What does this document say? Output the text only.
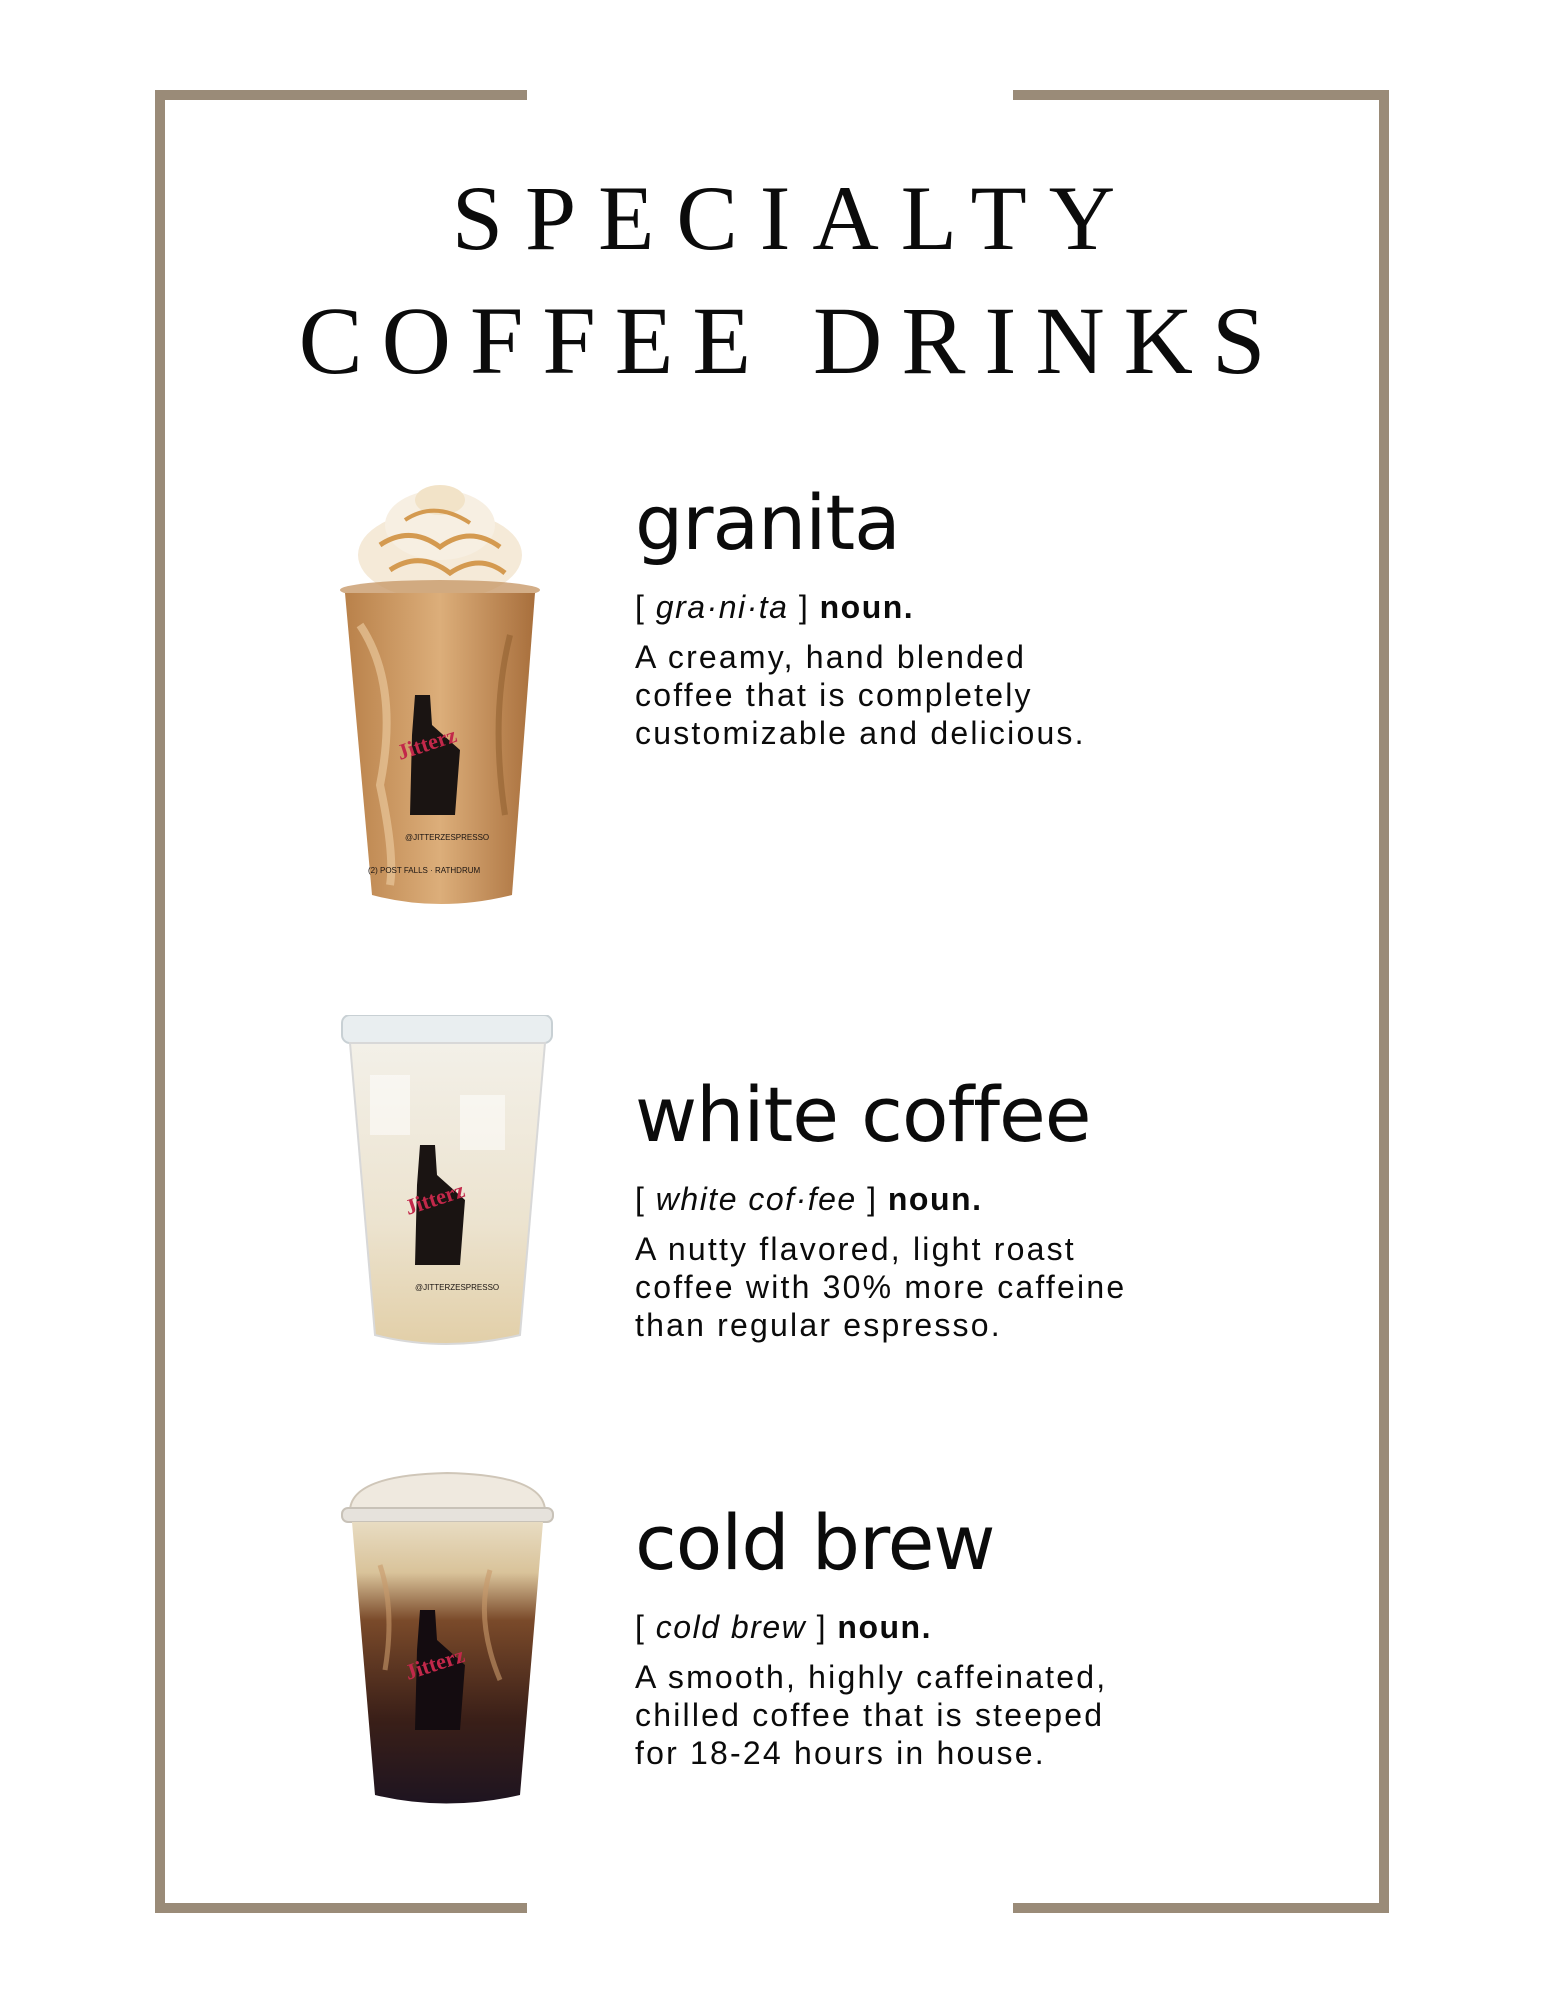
SPECIALTY
COFFEE DRINKS
Jitterz
@JITTERZESPRESSO
(2) POST FALLS · RATHDRUM
granita
[ gra·ni·ta ] noun.
A creamy, hand blended
coffee that is completely
customizable and delicious.
Jitterz
@JITTERZESPRESSO
white coffee
[ white cof·fee ] noun.
A nutty flavored, light roast
coffee with 30% more caffeine
than regular espresso.
Jitterz
cold brew
[ cold brew ] noun.
A smooth, highly caffeinated,
chilled coffee that is steeped
for 18-24 hours in house.
